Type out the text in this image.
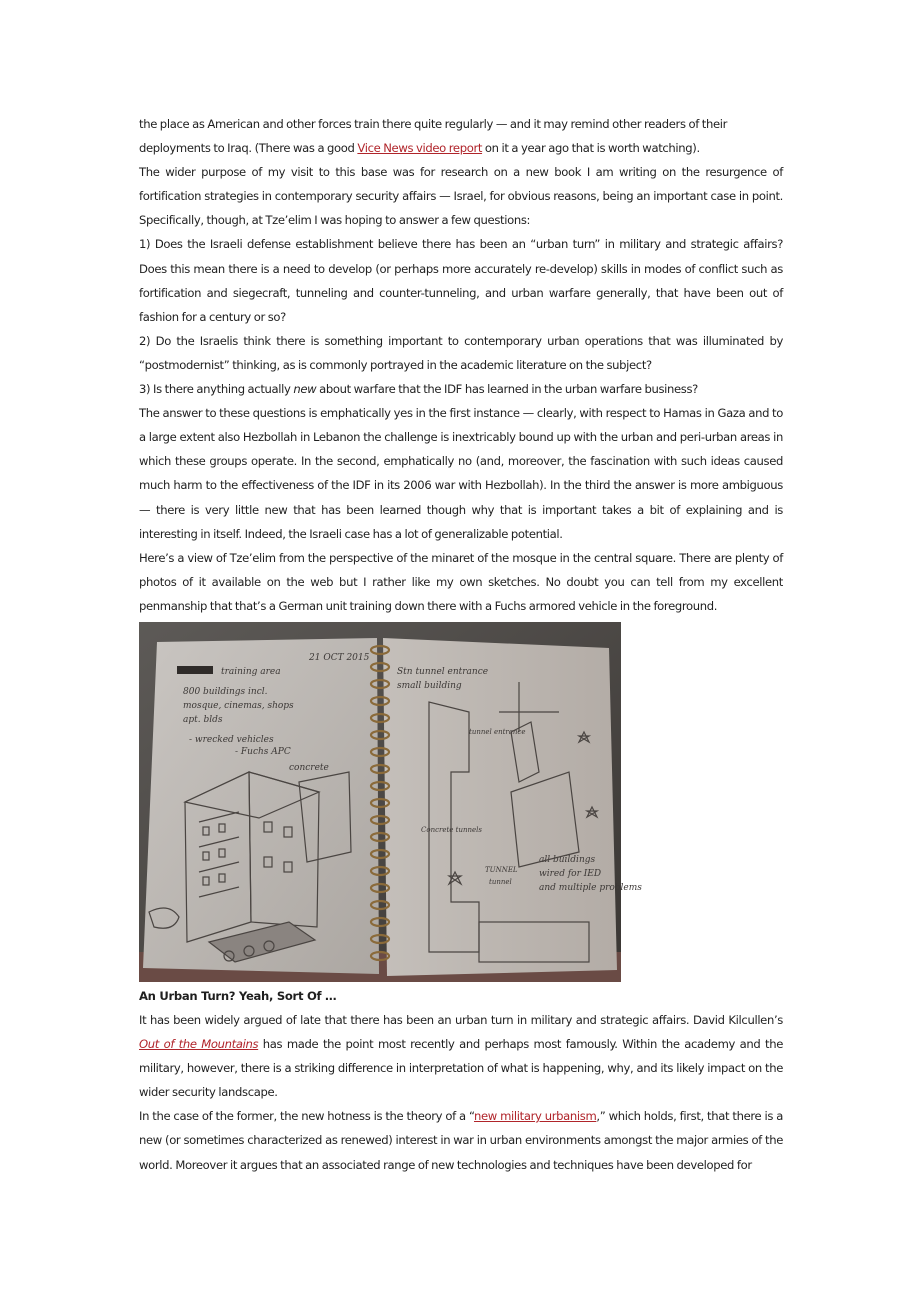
the place as American and other forces train there quite regularly — and it may remind other readers of their deployments to Iraq. (There was a good Vice News video report on it a year ago that is worth watching).

The wider purpose of my visit to this base was for research on a new book I am writing on the resurgence of fortification strategies in contemporary security affairs — Israel, for obvious reasons, being an important case in point. Specifically, though, at Tze’elim I was hoping to answer a few questions:

1) Does the Israeli defense establishment believe there has been an “urban turn” in military and strategic affairs? Does this mean there is a need to develop (or perhaps more accurately re-develop) skills in modes of conflict such as fortification and siegecraft, tunneling and counter-tunneling, and urban warfare generally, that have been out of fashion for a century or so?

2) Do the Israelis think there is something important to contemporary urban operations that was illuminated by “postmodernist” thinking, as is commonly portrayed in the academic literature on the subject?

3) Is there anything actually new about warfare that the IDF has learned in the urban warfare business?

The answer to these questions is emphatically yes in the first instance — clearly, with respect to Hamas in Gaza and to a large extent also Hezbollah in Lebanon the challenge is inextricably bound up with the urban and peri-urban areas in which these groups operate. In the second, emphatically no (and, moreover, the fascination with such ideas caused much harm to the effectiveness of the IDF in its 2006 war with Hezbollah). In the third the answer is more ambiguous — there is very little new that has been learned though why that is important takes a bit of explaining and is interesting in itself. Indeed, the Israeli case has a lot of generalizable potential.

Here’s a view of Tze’elim from the perspective of the minaret of the mosque in the central square. There are plenty of photos of it available on the web but I rather like my own sketches. No doubt you can tell from my excellent penmanship that that’s a German unit training down there with a Fuchs armored vehicle in the foreground.

21 OCT 2015
training area
800 buildings incl.
mosque, cinemas, shops
apt. blds
- wrecked vehicles
- Fuchs APC
concrete
Stn tunnel entrance
small building
tunnel entrance
Concrete tunnels
TUNNEL
tunnel
all buildings
wired for IED
and multiple problems

An Urban Turn? Yeah, Sort Of …

It has been widely argued of late that there has been an urban turn in military and strategic affairs. David Kilcullen’s Out of the Mountains has made the point most recently and perhaps most famously. Within the academy and the military, however, there is a striking difference in interpretation of what is happening, why, and its likely impact on the wider security landscape.

In the case of the former, the new hotness is the theory of a “new military urbanism,” which holds, first, that there is a new (or sometimes characterized as renewed) interest in war in urban environments amongst the major armies of the world. Moreover it argues that an associated range of new technologies and techniques have been developed for
